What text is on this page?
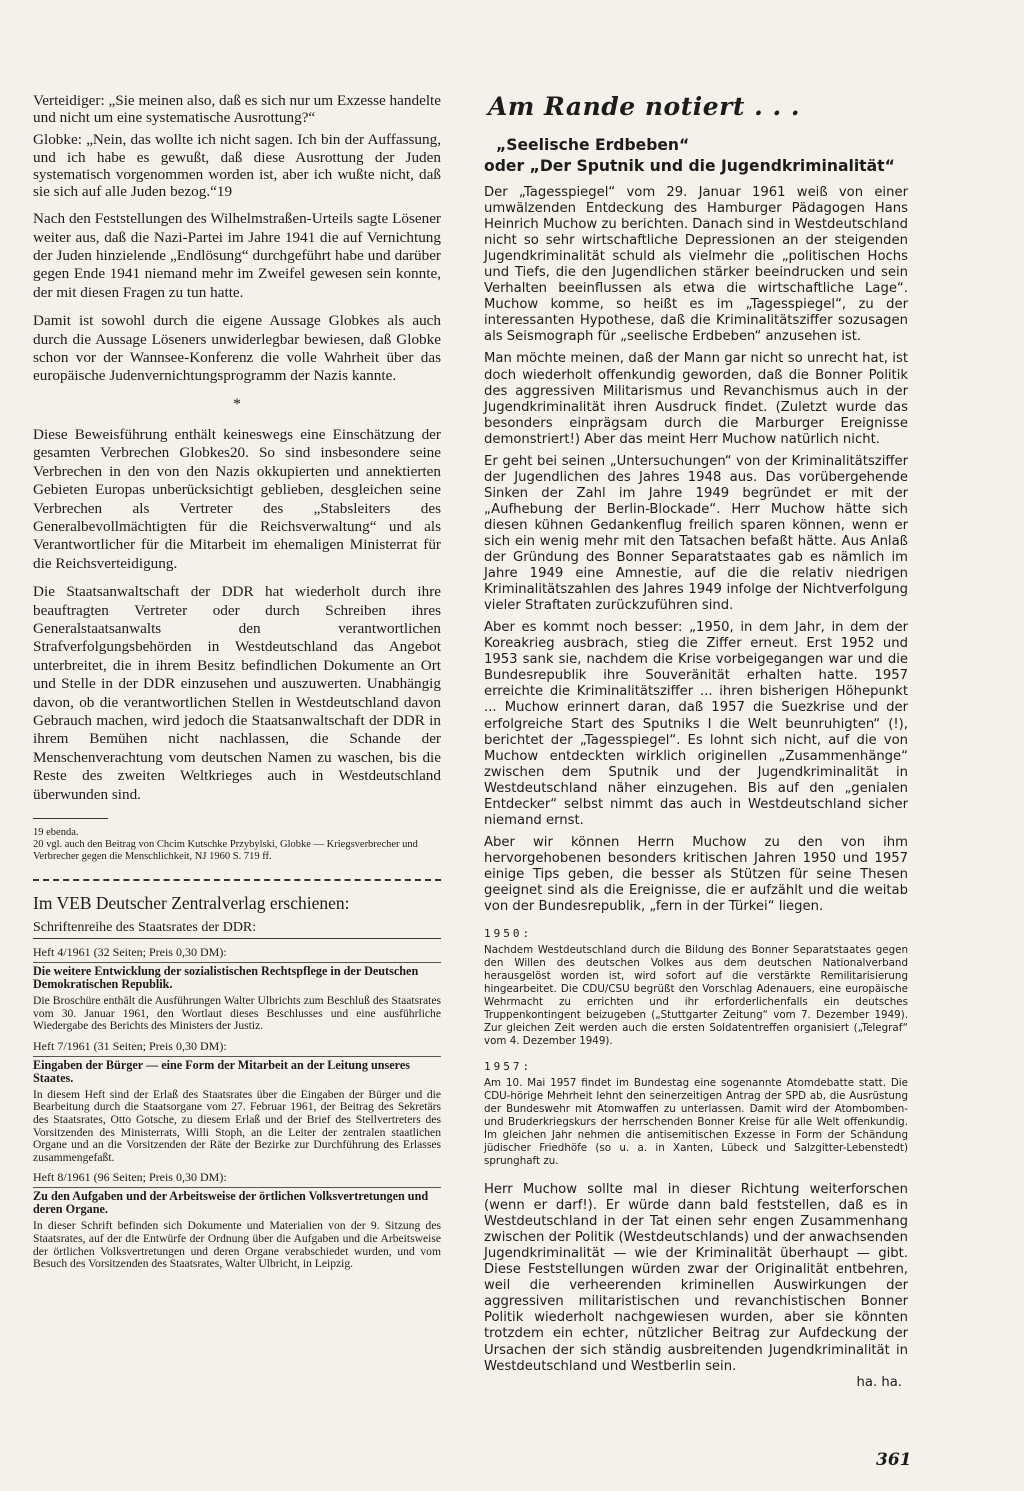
Verteidiger: „Sie meinen also, daß es sich nur um Exzesse handelte und nicht um eine systematische Ausrottung?“

Globke: „Nein, das wollte ich nicht sagen. Ich bin der Auffassung, und ich habe es gewußt, daß diese Ausrottung der Juden systematisch vorgenommen worden ist, aber ich wußte nicht, daß sie sich auf alle Juden bezog.“19

Nach den Feststellungen des Wilhelmstraßen-Urteils sagte Lösener weiter aus, daß die Nazi-Partei im Jahre 1941 die auf Vernichtung der Juden hinzielende „Endlösung“ durchgeführt habe und darüber gegen Ende 1941 niemand mehr im Zweifel gewesen sein konnte, der mit diesen Fragen zu tun hatte.

Damit ist sowohl durch die eigene Aussage Globkes als auch durch die Aussage Löseners unwiderlegbar bewiesen, daß Globke schon vor der Wannsee-Konferenz die volle Wahrheit über das europäische Judenvernichtungsprogramm der Nazis kannte.

*

Diese Beweisführung enthält keineswegs eine Einschätzung der gesamten Verbrechen Globkes20. So sind insbesondere seine Verbrechen in den von den Nazis okkupierten und annektierten Gebieten Europas unberücksichtigt geblieben, desgleichen seine Verbrechen als Vertreter des „Stabsleiters des Generalbevollmächtigten für die Reichsverwaltung“ und als Verantwortlicher für die Mitarbeit im ehemaligen Ministerrat für die Reichsverteidigung.

Die Staatsanwaltschaft der DDR hat wiederholt durch ihre beauftragten Vertreter oder durch Schreiben ihres Generalstaatsanwalts den verantwortlichen Strafverfolgungsbehörden in Westdeutschland das Angebot unterbreitet, die in ihrem Besitz befindlichen Dokumente an Ort und Stelle in der DDR einzusehen und auszuwerten. Unabhängig davon, ob die verantwortlichen Stellen in Westdeutschland davon Gebrauch machen, wird jedoch die Staatsanwaltschaft der DDR in ihrem Bemühen nicht nachlassen, die Schande der Menschenverachtung vom deutschen Namen zu waschen, bis die Reste des zweiten Weltkrieges auch in Westdeutschland überwunden sind.

19 ebenda.

20 vgl. auch den Beitrag von Chcim Kutschke Przybylski, Globke — Kriegsverbrecher und Verbrecher gegen die Menschlichkeit, NJ 1960 S. 719 ff.

Im VEB Deutscher Zentralverlag erschienen:
Schriftenreihe des Staatsrates der DDR:
Heft 4/1961 (32 Seiten; Preis 0,30 DM):
Die weitere Entwicklung der sozialistischen Rechtspflege in der Deutschen Demokratischen Republik.
Die Broschüre enthält die Ausführungen Walter Ulbrichts zum Beschluß des Staatsrates vom 30. Januar 1961, den Wortlaut dieses Beschlusses und eine ausführliche Wiedergabe des Berichts des Ministers der Justiz.
Heft 7/1961 (31 Seiten; Preis 0,30 DM):
Eingaben der Bürger — eine Form der Mitarbeit an der Leitung unseres Staates.
In diesem Heft sind der Erlaß des Staatsrates über die Eingaben der Bürger und die Bearbeitung durch die Staatsorgane vom 27. Februar 1961, der Beitrag des Sekretärs des Staatsrates, Otto Gotsche, zu diesem Erlaß und der Brief des Stellvertreters des Vorsitzenden des Ministerrats, Willi Stoph, an die Leiter der zentralen staatlichen Organe und an die Vorsitzenden der Räte der Bezirke zur Durchführung des Erlasses zusammengefaßt.
Heft 8/1961 (96 Seiten; Preis 0,30 DM):
Zu den Aufgaben und der Arbeitsweise der örtlichen Volksvertretungen und deren Organe.
In dieser Schrift befinden sich Dokumente und Materialien von der 9. Sitzung des Staatsrates, auf der die Entwürfe der Ordnung über die Aufgaben und die Arbeitsweise der örtlichen Volksvertretungen und deren Organe verabschiedet wurden, und vom Besuch des Vorsitzenden des Staatsrates, Walter Ulbricht, in Leipzig.
Am Rande notiert . . .
„Seelische Erdbeben“
oder „Der Sputnik und die Jugendkriminalität“

Der „Tagesspiegel“ vom 29. Januar 1961 weiß von einer umwälzenden Entdeckung des Hamburger Pädagogen Hans Heinrich Muchow zu berichten. Danach sind in Westdeutschland nicht so sehr wirtschaftliche Depressionen an der steigenden Jugendkriminalität schuld als vielmehr die „politischen Hochs und Tiefs, die den Jugendlichen stärker beeindrucken und sein Verhalten beeinflussen als etwa die wirtschaftliche Lage“. Muchow komme, so heißt es im „Tagesspiegel“, zu der interessanten Hypothese, daß die Kriminalitätsziffer sozusagen als Seismograph für „seelische Erdbeben“ anzusehen ist.

Man möchte meinen, daß der Mann gar nicht so unrecht hat, ist doch wiederholt offenkundig geworden, daß die Bonner Politik des aggressiven Militarismus und Revanchismus auch in der Jugendkriminalität ihren Ausdruck findet. (Zuletzt wurde das besonders einprägsam durch die Marburger Ereignisse demonstriert!) Aber das meint Herr Muchow natürlich nicht.

Er geht bei seinen „Untersuchungen“ von der Kriminalitätsziffer der Jugendlichen des Jahres 1948 aus. Das vorübergehende Sinken der Zahl im Jahre 1949 begründet er mit der „Aufhebung der Berlin-Blockade“. Herr Muchow hätte sich diesen kühnen Gedankenflug freilich sparen können, wenn er sich ein wenig mehr mit den Tatsachen befaßt hätte. Aus Anlaß der Gründung des Bonner Separatstaates gab es nämlich im Jahre 1949 eine Amnestie, auf die die relativ niedrigen Kriminalitätszahlen des Jahres 1949 infolge der Nichtverfolgung vieler Straftaten zurückzuführen sind.

Aber es kommt noch besser: „1950, in dem Jahr, in dem der Koreakrieg ausbrach, stieg die Ziffer erneut. Erst 1952 und 1953 sank sie, nachdem die Krise vorbeigegangen war und die Bundesrepublik ihre Souveränität erhalten hatte. 1957 erreichte die Kriminalitätsziffer ... ihren bisherigen Höhepunkt ... Muchow erinnert daran, daß 1957 die Suezkrise und der erfolgreiche Start des Sputniks I die Welt beunruhigten“ (!), berichtet der „Tagesspiegel“. Es lohnt sich nicht, auf die von Muchow entdeckten wirklich originellen „Zusammenhänge“ zwischen dem Sputnik und der Jugendkriminalität in Westdeutschland näher einzugehen. Bis auf den „genialen Entdecker“ selbst nimmt das auch in Westdeutschland sicher niemand ernst.

Aber wir können Herrn Muchow zu den von ihm hervorgehobenen besonders kritischen Jahren 1950 und 1957 einige Tips geben, die besser als Stützen für seine Thesen geeignet sind als die Ereignisse, die er aufzählt und die weitab von der Bundesrepublik, „fern in der Türkei“ liegen.

1950:
Nachdem Westdeutschland durch die Bildung des Bonner Separatstaates gegen den Willen des deutschen Volkes aus dem deutschen Nationalverband herausgelöst worden ist, wird sofort auf die verstärkte Remilitarisierung hingearbeitet. Die CDU/CSU begrüßt den Vorschlag Adenauers, eine europäische Wehrmacht zu errichten und ihr erforderlichenfalls ein deutsches Truppenkontingent beizugeben („Stuttgarter Zeitung“ vom 7. Dezember 1949). Zur gleichen Zeit werden auch die ersten Soldatentreffen organisiert („Telegraf“ vom 4. Dezember 1949).
1957:
Am 10. Mai 1957 findet im Bundestag eine sogenannte Atomdebatte statt. Die CDU-hörige Mehrheit lehnt den seinerzeitigen Antrag der SPD ab, die Ausrüstung der Bundeswehr mit Atomwaffen zu unterlassen. Damit wird der Atombomben- und Bruderkriegskurs der herrschenden Bonner Kreise für alle Welt offenkundig. Im gleichen Jahr nehmen die antisemitischen Exzesse in Form der Schändung jüdischer Friedhöfe (so u. a. in Xanten, Lübeck und Salzgitter-Lebenstedt) sprunghaft zu.

Herr Muchow sollte mal in dieser Richtung weiterforschen (wenn er darf!). Er würde dann bald feststellen, daß es in Westdeutschland in der Tat einen sehr engen Zusammenhang zwischen der Politik (Westdeutschlands) und der anwachsenden Jugendkriminalität — wie der Kriminalität überhaupt — gibt. Diese Feststellungen würden zwar der Originalität entbehren, weil die verheerenden kriminellen Auswirkungen der aggressiven militaristischen und revanchistischen Bonner Politik wiederholt nachgewiesen wurden, aber sie könnten trotzdem ein echter, nützlicher Beitrag zur Aufdeckung der Ursachen der sich ständig ausbreitenden Jugendkriminalität in Westdeutschland und Westberlin sein.

ha. ha.
361
